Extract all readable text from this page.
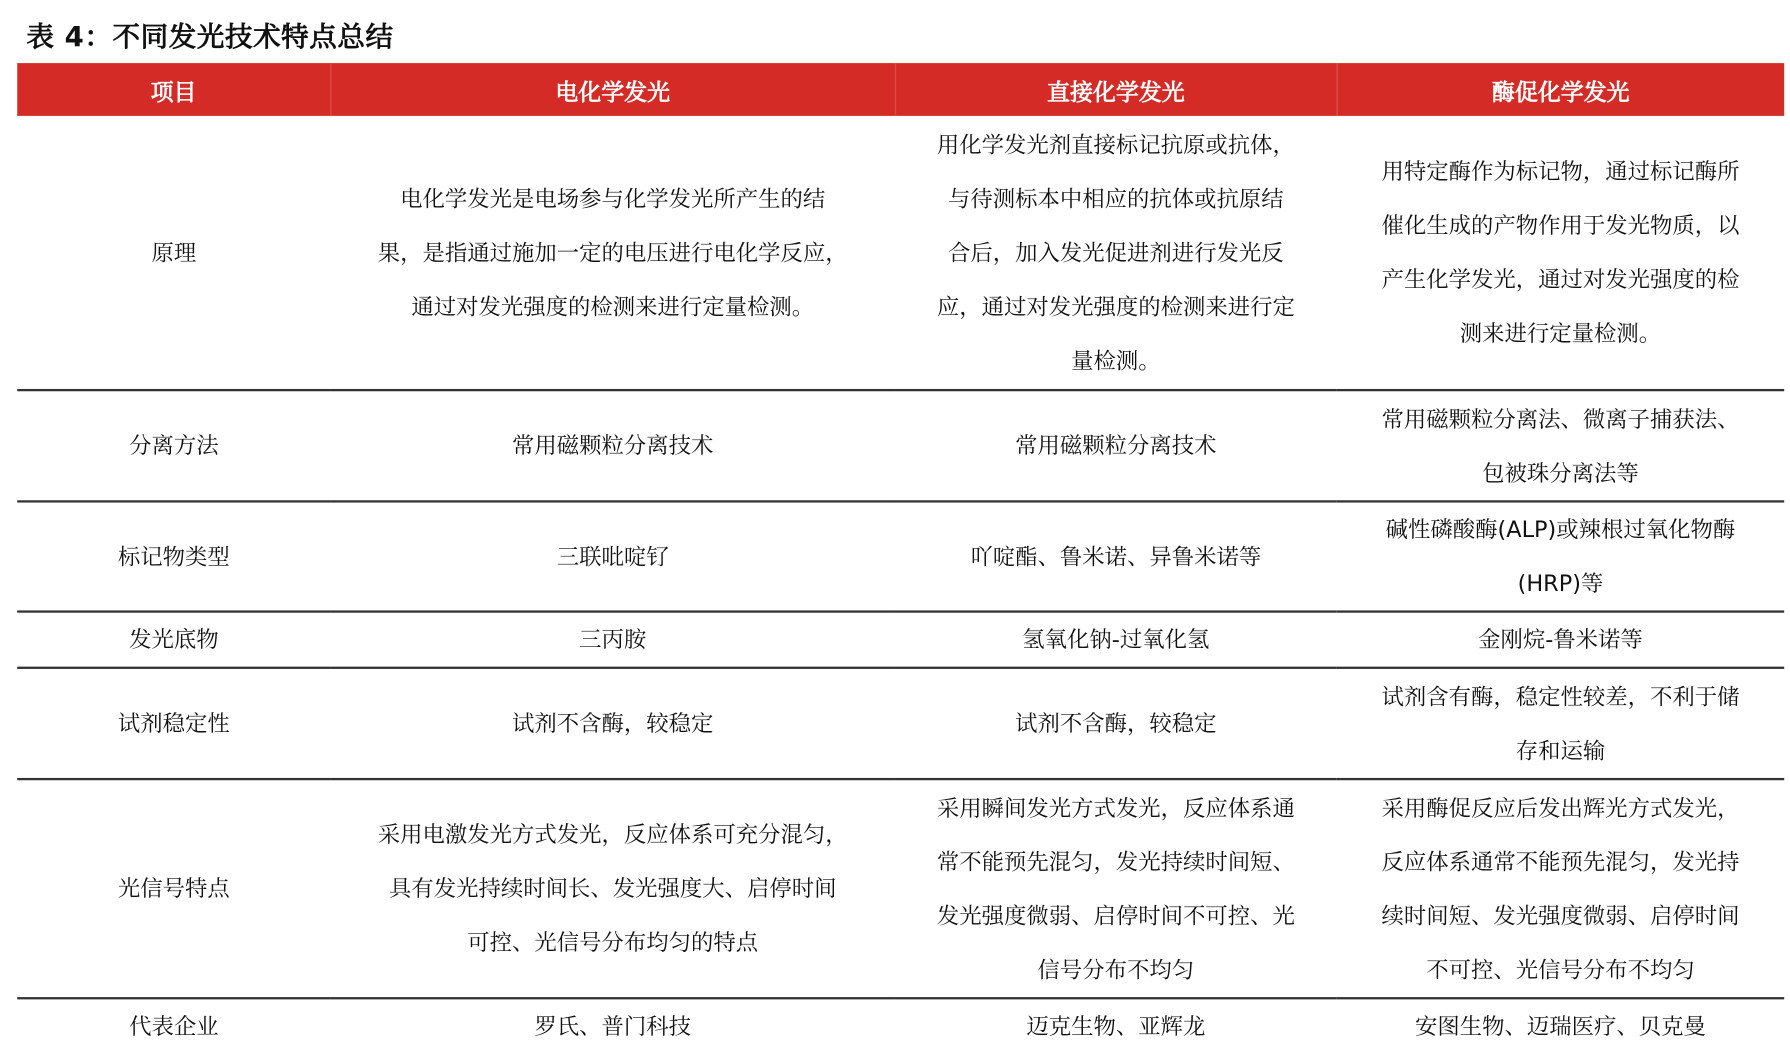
表 4：不同发光技术特点总结
项目	电化学发光	直接化学发光	酶促化学发光
原理	电化学发光是电场参与化学发光所产生的结
果，是指通过施加一定的电压进行电化学反应，
通过对发光强度的检测来进行定量检测。	用化学发光剂直接标记抗原或抗体，
与待测标本中相应的抗体或抗原结
合后，加入发光促进剂进行发光反
应，通过对发光强度的检测来进行定
量检测。	用特定酶作为标记物，通过标记酶所
催化生成的产物作用于发光物质，以
产生化学发光，通过对发光强度的检
测来进行定量检测。

分离方法	常用磁颗粒分离技术	常用磁颗粒分离技术	常用磁颗粒分离法、微离子捕获法、
包被珠分离法等

标记物类型	三联吡啶钌	吖啶酯、鲁米诺、异鲁米诺等	碱性磷酸酶(ALP)或辣根过氧化物酶
(HRP)等

发光底物	三丙胺	氢氧化钠-过氧化氢	金刚烷-鲁米诺等

试剂稳定性	试剂不含酶，较稳定	试剂不含酶，较稳定	试剂含有酶，稳定性较差，不利于储
存和运输

光信号特点	采用电激发光方式发光，反应体系可充分混匀，
具有发光持续时间长、发光强度大、启停时间
可控、光信号分布均匀的特点	采用瞬间发光方式发光，反应体系通
常不能预先混匀，发光持续时间短、
发光强度微弱、启停时间不可控、光
信号分布不均匀	采用酶促反应后发出辉光方式发光，
反应体系通常不能预先混匀，发光持
续时间短、发光强度微弱、启停时间
不可控、光信号分布不均匀

代表企业	罗氏、普门科技	迈克生物、亚辉龙	安图生物、迈瑞医疗、贝克曼
